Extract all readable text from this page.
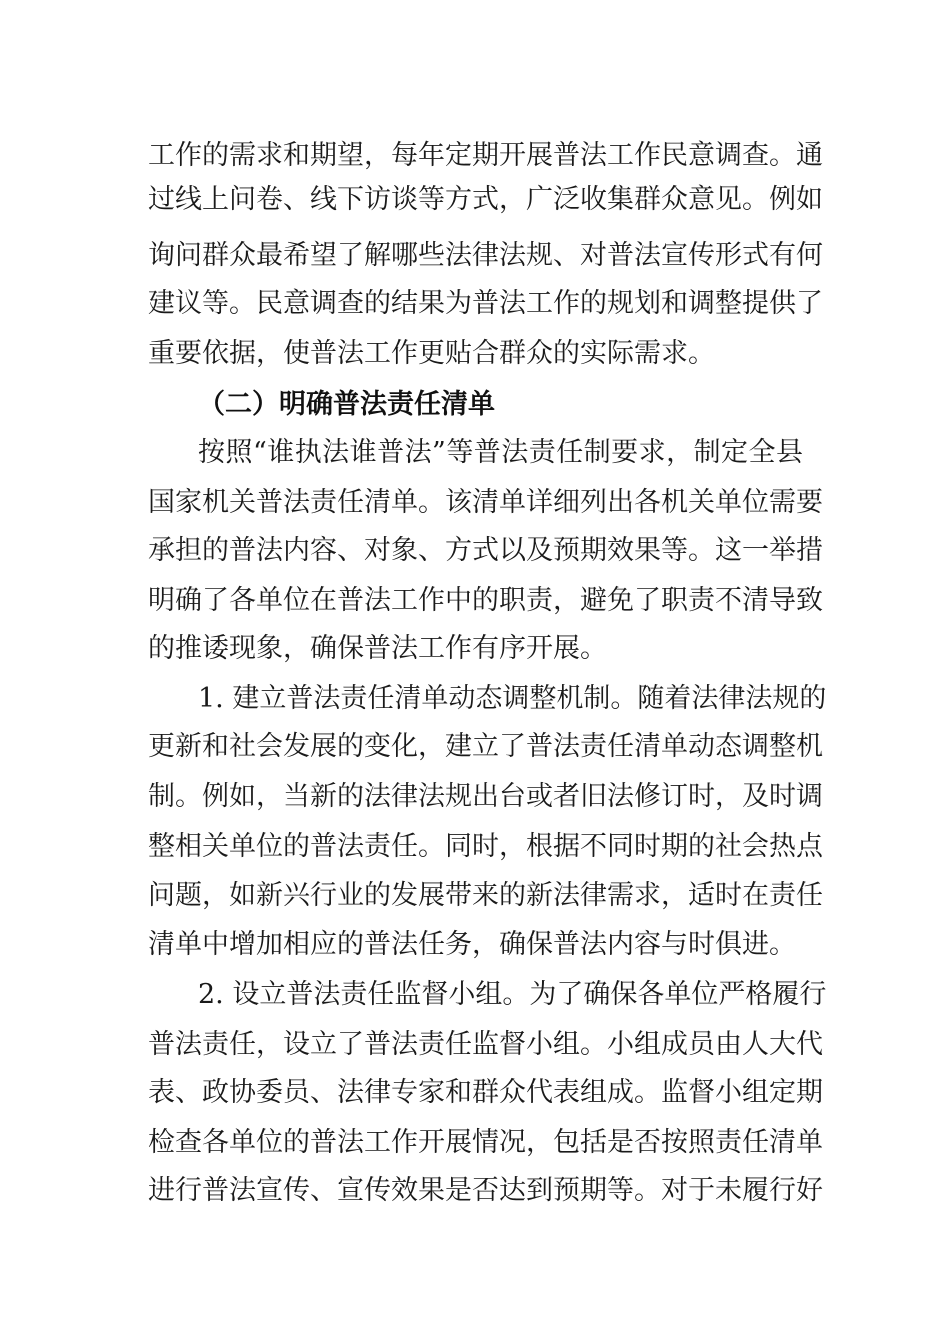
工作的需求和期望，每年定期开展普法工作民意调查。通
过线上问卷、线下访谈等方式，广泛收集群众意见。例如
询问群众最希望了解哪些法律法规、对普法宣传形式有何
建议等。民意调查的结果为普法工作的规划和调整提供了
重要依据，使普法工作更贴合群众的实际需求。
（二）明确普法责任清单
按照“谁执法谁普法”等普法责任制要求，制定全县
国家机关普法责任清单。该清单详细列出各机关单位需要
承担的普法内容、对象、方式以及预期效果等。这一举措
明确了各单位在普法工作中的职责，避免了职责不清导致
的推诿现象，确保普法工作有序开展。
1. 建立普法责任清单动态调整机制。随着法律法规的
更新和社会发展的变化，建立了普法责任清单动态调整机
制。例如，当新的法律法规出台或者旧法修订时，及时调
整相关单位的普法责任。同时，根据不同时期的社会热点
问题，如新兴行业的发展带来的新法律需求，适时在责任
清单中增加相应的普法任务，确保普法内容与时俱进。
2. 设立普法责任监督小组。为了确保各单位严格履行
普法责任，设立了普法责任监督小组。小组成员由人大代
表、政协委员、法律专家和群众代表组成。监督小组定期
检查各单位的普法工作开展情况，包括是否按照责任清单
进行普法宣传、宣传效果是否达到预期等。对于未履行好
